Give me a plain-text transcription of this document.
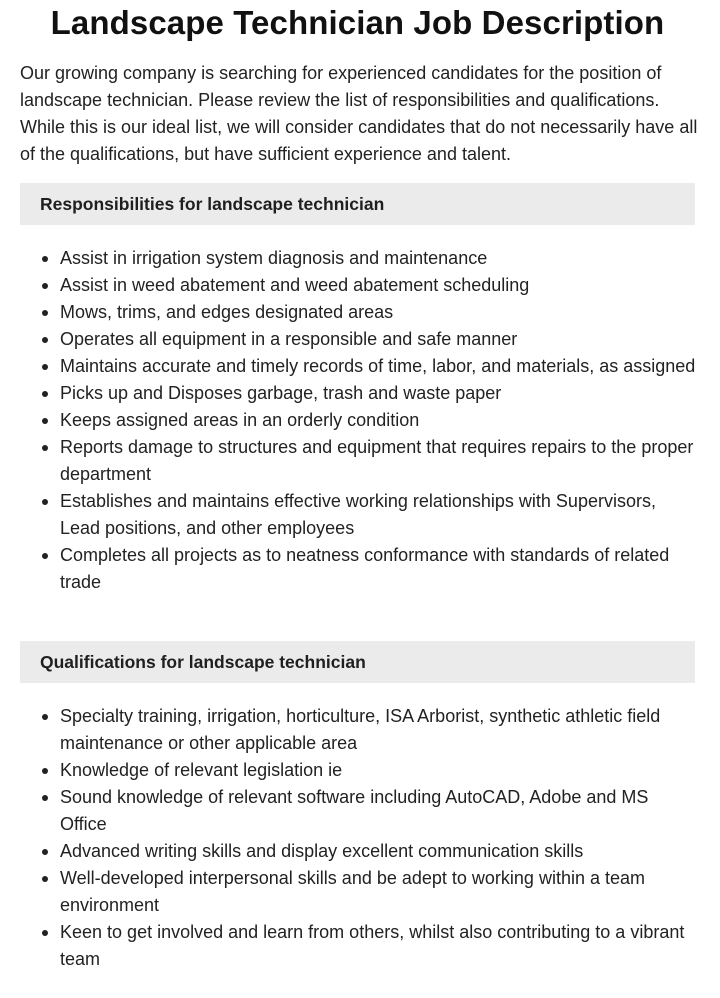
Landscape Technician Job Description

Our growing company is searching for experienced candidates for the position of landscape technician. Please review the list of responsibilities and qualifications. While this is our ideal list, we will consider candidates that do not necessarily have all of the qualifications, but have sufficient experience and talent.

Responsibilities for landscape technician
Assist in irrigation system diagnosis and maintenance
Assist in weed abatement and weed abatement scheduling
Mows, trims, and edges designated areas
Operates all equipment in a responsible and safe manner
Maintains accurate and timely records of time, labor, and materials, as assigned
Picks up and Disposes garbage, trash and waste paper
Keeps assigned areas in an orderly condition
Reports damage to structures and equipment that requires repairs to the proper department
Establishes and maintains effective working relationships with Supervisors, Lead positions, and other employees
Completes all projects as to neatness conformance with standards of related trade
Qualifications for landscape technician
Specialty training, irrigation, horticulture, ISA Arborist, synthetic athletic field maintenance or other applicable area
Knowledge of relevant legislation ie
Sound knowledge of relevant software including AutoCAD, Adobe and MS Office
Advanced writing skills and display excellent communication skills
Well-developed interpersonal skills and be adept to working within a team environment
Keen to get involved and learn from others, whilst also contributing to a vibrant team
